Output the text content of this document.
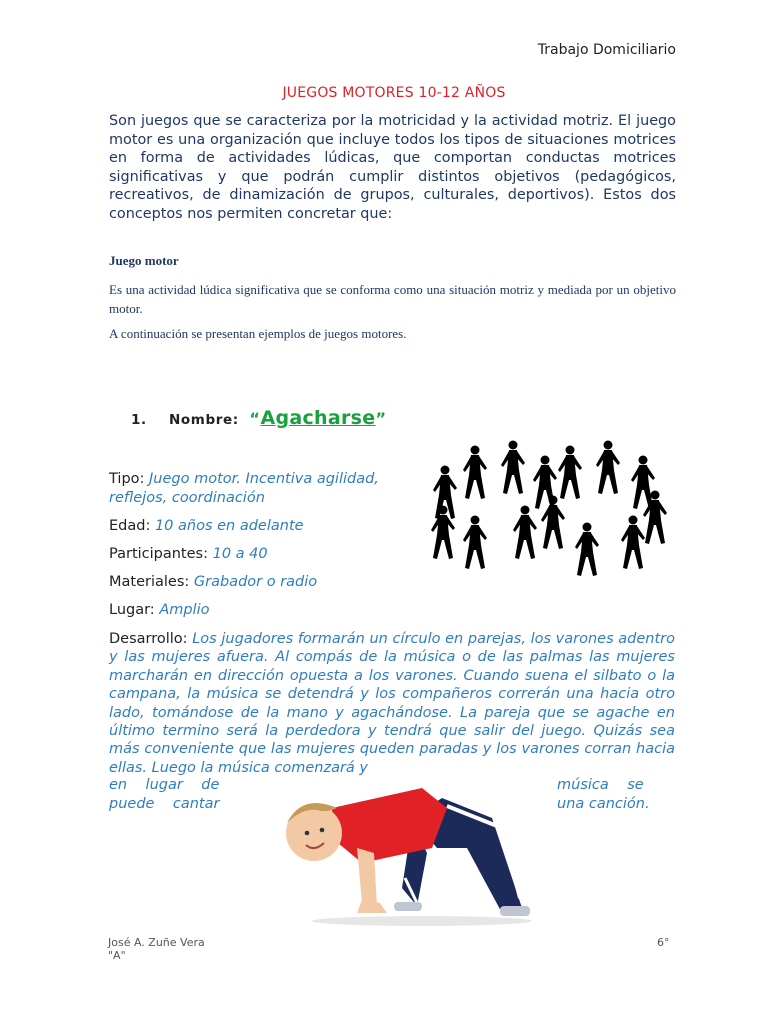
Trabajo Domiciliario
JUEGOS MOTORES 10-12 AÑOS
Son juegos que se caracteriza por la motricidad y la actividad motriz. El juego motor es una organización que incluye todos los tipos de situaciones motrices en forma de actividades lúdicas, que comportan conductas motrices significativas y que podrán cumplir distintos objetivos (pedagógicos, recreativos, de dinamización de grupos, culturales, deportivos). Estos dos conceptos nos permiten concretar que:
Juego motor
Es una actividad lúdica significativa que se conforma como una situación motriz y mediada por un objetivo motor.
A continuación se presentan ejemplos de juegos motores.
1. Nombre: “Agacharse”
Tipo: Juego motor. Incentiva agilidad,
reflejos, coordinación
Edad: 10 años en adelante
Participantes: 10 a 40
Materiales: Grabador o radio
Lugar: Amplio
Desarrollo: Los jugadores formarán un círculo en parejas, los varones adentro y las mujeres afuera. Al compás de la música o de las palmas las mujeres marcharán en dirección opuesta a los varones. Cuando suena el silbato o la campana, la música se detendrá y los compañeros correrán una hacia otro lado, tomándose de la mano y agachándose. La pareja que se agache en último termino será la perdedora y tendrá que salir del juego. Quizás sea más conveniente que las mujeres queden paradas y los varones corran hacia ellas. Luego la música comenzará y
en    lugar    de	música    se
puede    cantar	una canción.
José A. Zuñe Vera
"A"
6°
